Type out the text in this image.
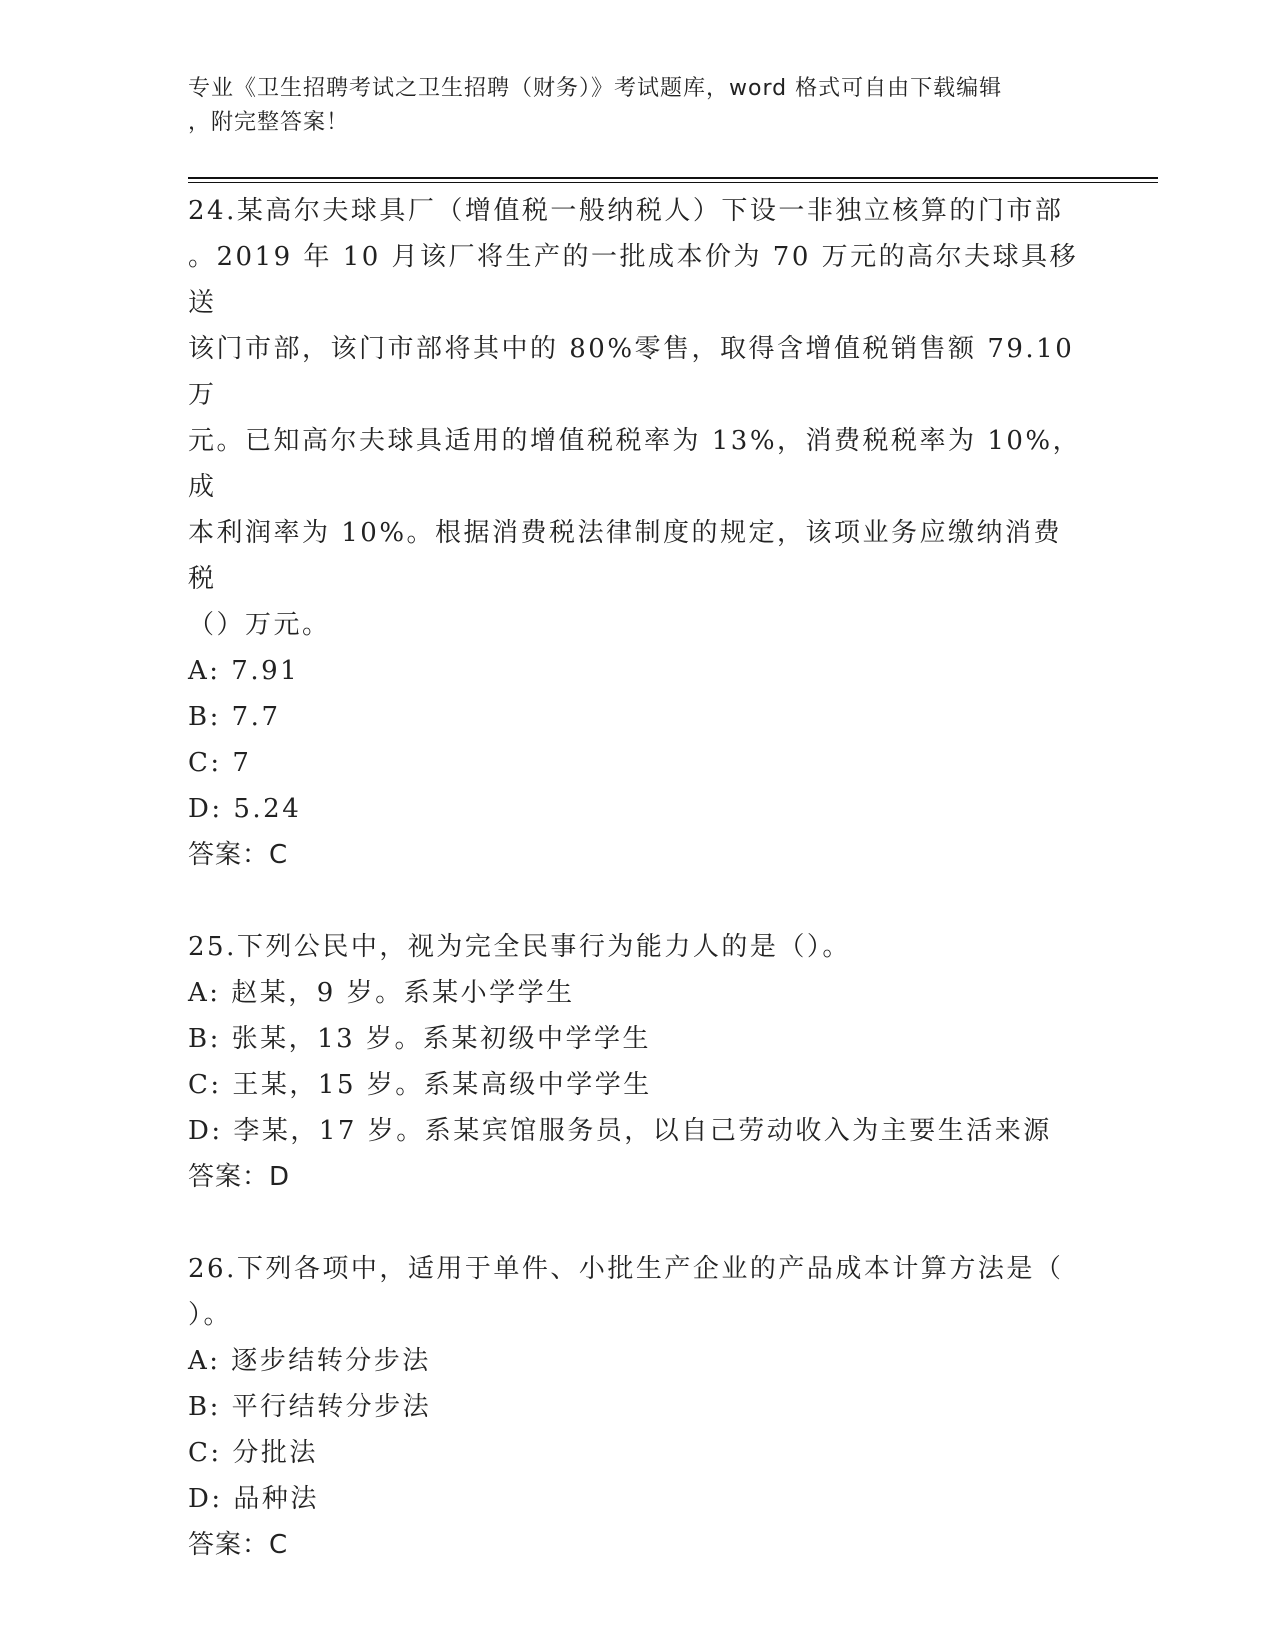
专业《卫生招聘考试之卫生招聘（财务）》考试题库，word 格式可自由下载编辑
，附完整答案！
24.某高尔夫球具厂（增值税一般纳税人）下设一非独立核算的门市部
。2019 年 10 月该厂将生产的一批成本价为 70 万元的高尔夫球具移送
该门市部，该门市部将其中的 80%零售，取得含增值税销售额 79.10 万
元。已知高尔夫球具适用的增值税税率为 13%，消费税税率为 10%，成
本利润率为 10%。根据消费税法律制度的规定，该项业务应缴纳消费税
（）万元。
A: 7.91
B: 7.7
C: 7
D: 5.24
答案：C
25.下列公民中，视为完全民事行为能力人的是（）。
A: 赵某，9 岁。系某小学学生
B: 张某，13 岁。系某初级中学学生
C: 王某，15 岁。系某高级中学学生
D: 李某，17 岁。系某宾馆服务员，以自己劳动收入为主要生活来源
答案：D
26.下列各项中，适用于单件、小批生产企业的产品成本计算方法是（
）。
A: 逐步结转分步法
B: 平行结转分步法
C: 分批法
D: 品种法
答案：C
